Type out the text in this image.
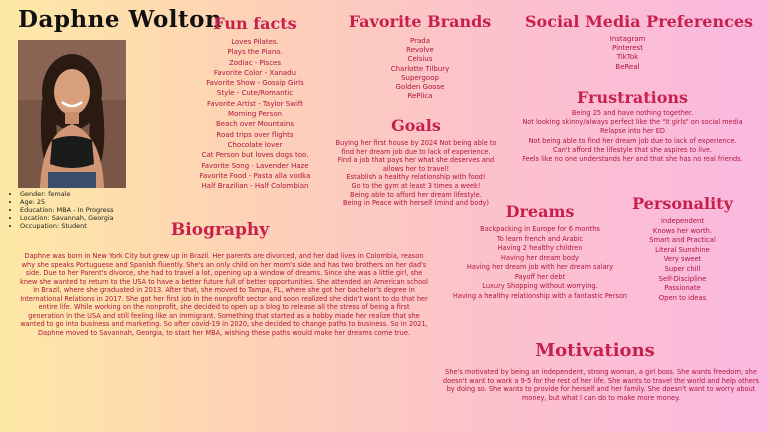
Daphne Wolton
• Gender: female
• Age: 25
• Education: MBA - In Progress
• Location: Savannah, Georgia
• Occupation: Student
Fun facts
Loves Pilates.
Plays the Piano.
Zodiac - Pisces
Favorite Color - Xanadu
Favorite Show - Gossip Girls
Style - Cute/Romantic
Favorite Artist - Taylor Swift
Morning Person
Beach over Mountains
Road trips over flights
Chocolate lover
Cat Person but loves dogs too.
Favorite Song - Lavender Haze
Favorite Food - Pasta alla vodka
Half Brazilian - Half Colombian
Favorite Brands
Prada
Revolve
Celsius
Charlotte Tilbury
Supergoop
Golden Goose
RePlica
Social Media Preferences
Instagram
Pinterest
TikTok
BeReal
Frustrations
Being 25 and have nothing together.
Not looking skinny/always perfect like the "it girls" on social media
Relapse into her ED
Not being able to find her dream job due to lack of experience.
Can't afford the lifestyle that she aspires to live.
Feels like no one understands her and that she has no real friends.
Goals
Buying her first house by 2024 Not being able to find her dream job due to lack of experience.
Find a job that pays her what she deserves and allows her to travel!
Establish a healthy relationship with food!
Go to the gym at least 3 times a week!
Being able to afford her dream lifestyle.
Being in Peace with herself (mind and body)	Dreams
Backpacking in Europe for 6 months
To learn french and Arabic
Having 2 healthy children
Having her dream body
Having her dream job with her dream salary
Payoff her debt
Luxury Shopping without worrying.
Having a healthy relationship with a fantastic Person
Personality
independent
Knows her worth.
Smart and Practical
Literal Sunshine
Very sweet
Super chill
Self-Discipline
Passionate
Open to ideas
Biography
Daphne was born in New York City but grew up in Brazil. Her parents are divorced, and her dad lives in Colombia, reason why she speaks Portuguese and Spanish fluently. She's an only child on her mom's side and has two brothers on her dad's side. Due to her Parent's divorce, she had to travel a lot, opening up a window of dreams. Since she was a little girl, she knew she wanted to return to the USA to have a better future full of better opportunities. She attended an American school in Brazil, where she graduated in 2013. After that, she moved to Tampa, FL, where she got her bachelor's degree in International Relations in 2017. She got her first job in the nonprofit sector and soon realized she didn't want to do that her entire life. While working on the nonprofit, she decided to open up a blog to release all the stress of being a first generation in the USA and still feeling like an immigrant. Something that started as a hobby made her realize that she wanted to go into business and marketing. So after covid-19 in 2020, she decided to change paths to business. So in 2021, Daphne moved to Savannah, Georgia, to start her MBA, wishing these paths would make her dreams come true.
Motivations
She's motivated by being an independent, strong woman, a girl boss. She wants freedom; she doesn't want to work a 9-5 for the rest of her life. She wants to travel the world and help others by doing so. She wants to provide for herself and her family. She doesn't want to worry about money, but what I can do to make more money.
